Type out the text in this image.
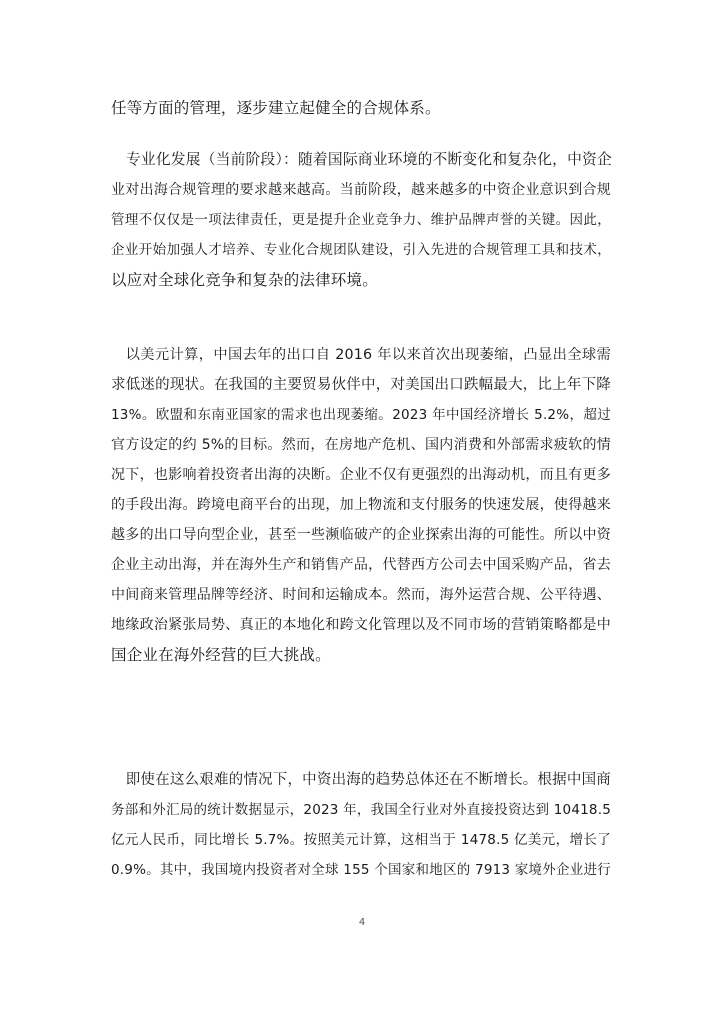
任等方面的管理，逐步建立起健全的合规体系。
　专业化发展（当前阶段）：随着国际商业环境的不断变化和复杂化，中资企
业对出海合规管理的要求越来越高。当前阶段，越来越多的中资企业意识到合规
管理不仅仅是一项法律责任，更是提升企业竞争力、维护品牌声誉的关键。因此，
企业开始加强人才培养、专业化合规团队建设，引入先进的合规管理工具和技术，
以应对全球化竞争和复杂的法律环境。
　以美元计算，中国去年的出口自 2016 年以来首次出现萎缩，凸显出全球需
求低迷的现状。在我国的主要贸易伙伴中，对美国出口跌幅最大，比上年下降
13%。欧盟和东南亚国家的需求也出现萎缩。2023 年中国经济增长 5.2%，超过
官方设定的约 5%的目标。然而，在房地产危机、国内消费和外部需求疲软的情
况下，也影响着投资者出海的决断。企业不仅有更强烈的出海动机，而且有更多
的手段出海。跨境电商平台的出现，加上物流和支付服务的快速发展，使得越来
越多的出口导向型企业，甚至一些濒临破产的企业探索出海的可能性。所以中资
企业主动出海，并在海外生产和销售产品，代替西方公司去中国采购产品，省去
中间商来管理品牌等经济、时间和运输成本。然而，海外运营合规、公平待遇、
地缘政治紧张局势、真正的本地化和跨文化管理以及不同市场的营销策略都是中
国企业在海外经营的巨大挑战。
　即使在这么艰难的情况下，中资出海的趋势总体还在不断增长。根据中国商
务部和外汇局的统计数据显示，2023 年，我国全行业对外直接投资达到 10418.5
亿元人民币，同比增长 5.7%。按照美元计算，这相当于 1478.5 亿美元，增长了
0.9%。其中，我国境内投资者对全球 155 个国家和地区的 7913 家境外企业进行
4
